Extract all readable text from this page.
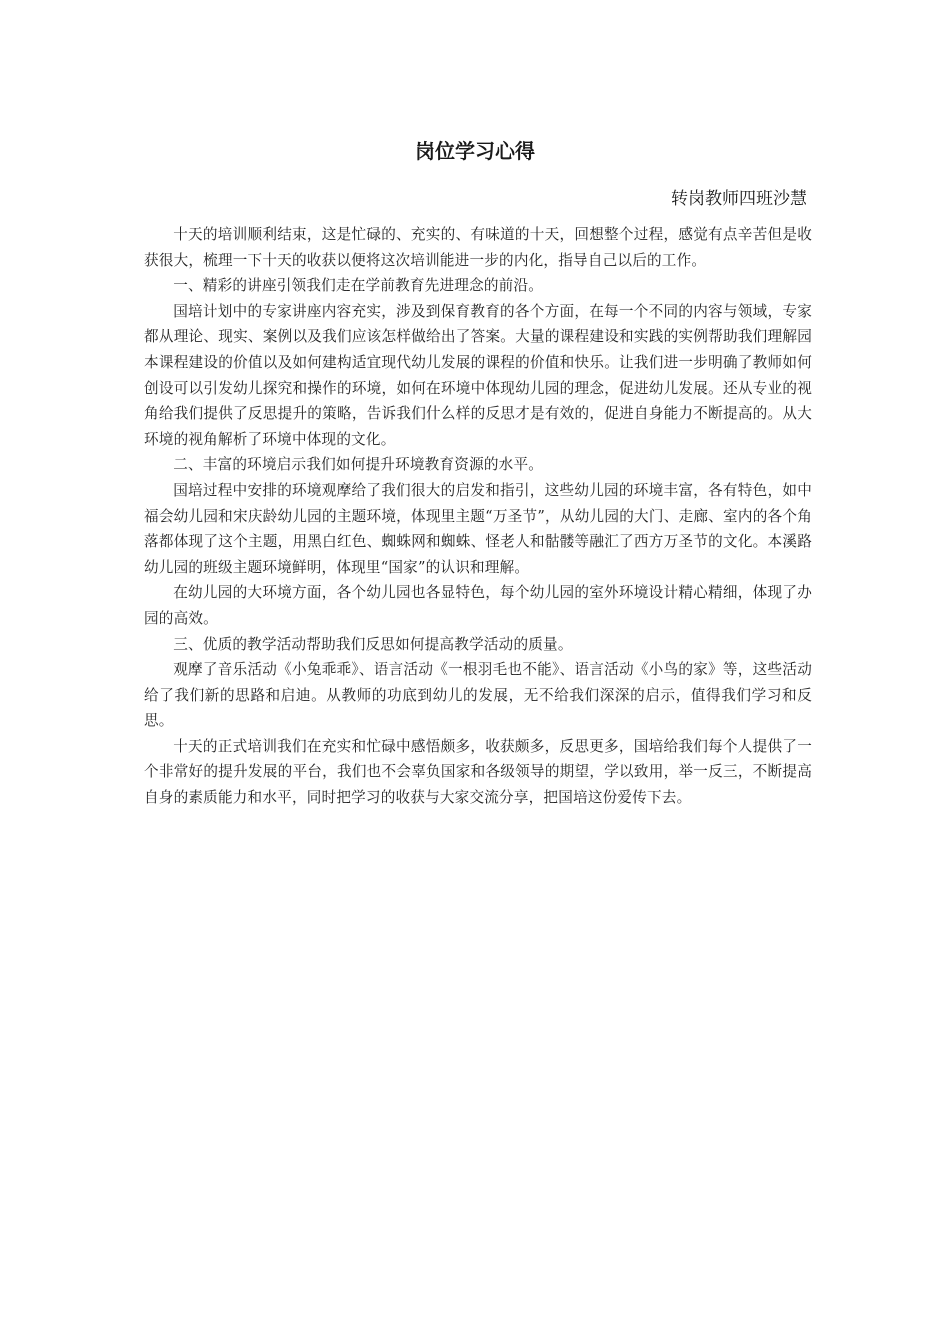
岗位学习心得

转岗教师四班沙慧

十天的培训顺利结束，这是忙碌的、充实的、有味道的十天，回想整个过程，感觉有点辛苦但是收获很大，梳理一下十天的收获以便将这次培训能进一步的内化，指导自己以后的工作。

一、精彩的讲座引领我们走在学前教育先进理念的前沿。

国培计划中的专家讲座内容充实，涉及到保育教育的各个方面，在每一个不同的内容与领域，专家都从理论、现实、案例以及我们应该怎样做给出了答案。大量的课程建设和实践的实例帮助我们理解园本课程建设的价值以及如何建构适宜现代幼儿发展的课程的价值和快乐。让我们进一步明确了教师如何创设可以引发幼儿探究和操作的环境，如何在环境中体现幼儿园的理念，促进幼儿发展。还从专业的视角给我们提供了反思提升的策略，告诉我们什么样的反思才是有效的，促进自身能力不断提高的。从大环境的视角解析了环境中体现的文化。

二、丰富的环境启示我们如何提升环境教育资源的水平。

国培过程中安排的环境观摩给了我们很大的启发和指引，这些幼儿园的环境丰富，各有特色，如中福会幼儿园和宋庆龄幼儿园的主题环境，体现里主题“万圣节”，从幼儿园的大门、走廊、室内的各个角落都体现了这个主题，用黑白红色、蜘蛛网和蜘蛛、怪老人和骷髅等融汇了西方万圣节的文化。本溪路幼儿园的班级主题环境鲜明，体现里“国家”的认识和理解。

在幼儿园的大环境方面，各个幼儿园也各显特色，每个幼儿园的室外环境设计精心精细，体现了办园的高效。

三、优质的教学活动帮助我们反思如何提高教学活动的质量。

观摩了音乐活动《小兔乖乖》、语言活动《一根羽毛也不能》、语言活动《小鸟的家》等，这些活动给了我们新的思路和启迪。从教师的功底到幼儿的发展，无不给我们深深的启示，值得我们学习和反思。

十天的正式培训我们在充实和忙碌中感悟颇多，收获颇多，反思更多，国培给我们每个人提供了一个非常好的提升发展的平台，我们也不会辜负国家和各级领导的期望，学以致用，举一反三，不断提高自身的素质能力和水平，同时把学习的收获与大家交流分享，把国培这份爱传下去。
